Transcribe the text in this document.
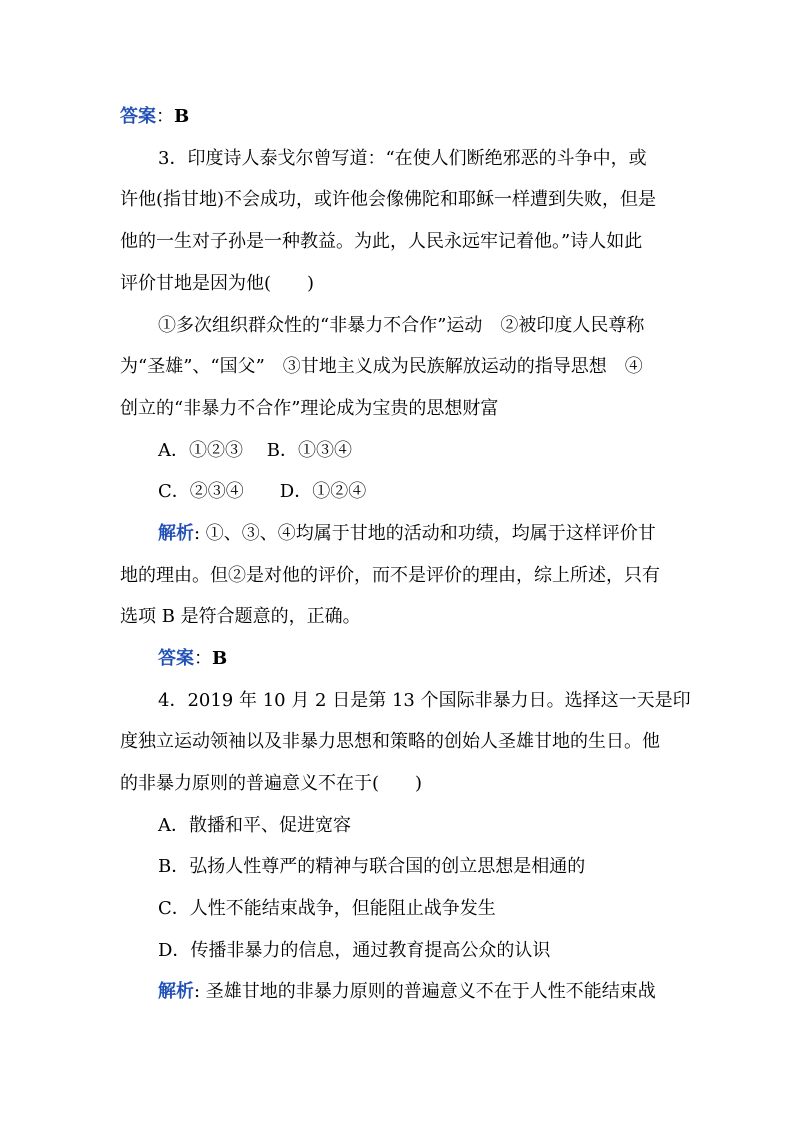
答案：B
3．印度诗人泰戈尔曾写道：“在使人们断绝邪恶的斗争中，或
许他(指甘地)不会成功，或许他会像佛陀和耶稣一样遭到失败，但是
他的一生对子孙是一种教益。为此，人民永远牢记着他。”诗人如此
评价甘地是因为他(　　)
①多次组织群众性的“非暴力不合作”运动　②被印度人民尊称
为“圣雄”、“国父”　③甘地主义成为民族解放运动的指导思想　④
创立的“非暴力不合作”理论成为宝贵的思想财富
A．①②③　 B．①③④
C．②③④　　D．①②④
解析: ①、③、④均属于甘地的活动和功绩，均属于这样评价甘
地的理由。但②是对他的评价，而不是评价的理由，综上所述，只有
选项 B 是符合题意的，正确。
答案：B
4．2019 年 10 月 2 日是第 13 个国际非暴力日。选择这一天是印
度独立运动领袖以及非暴力思想和策略的创始人圣雄甘地的生日。他
的非暴力原则的普遍意义不在于(　　)
A．散播和平、促进宽容
B．弘扬人性尊严的精神与联合国的创立思想是相通的
C．人性不能结束战争，但能阻止战争发生
D．传播非暴力的信息，通过教育提高公众的认识
解析: 圣雄甘地的非暴力原则的普遍意义不在于人性不能结束战
